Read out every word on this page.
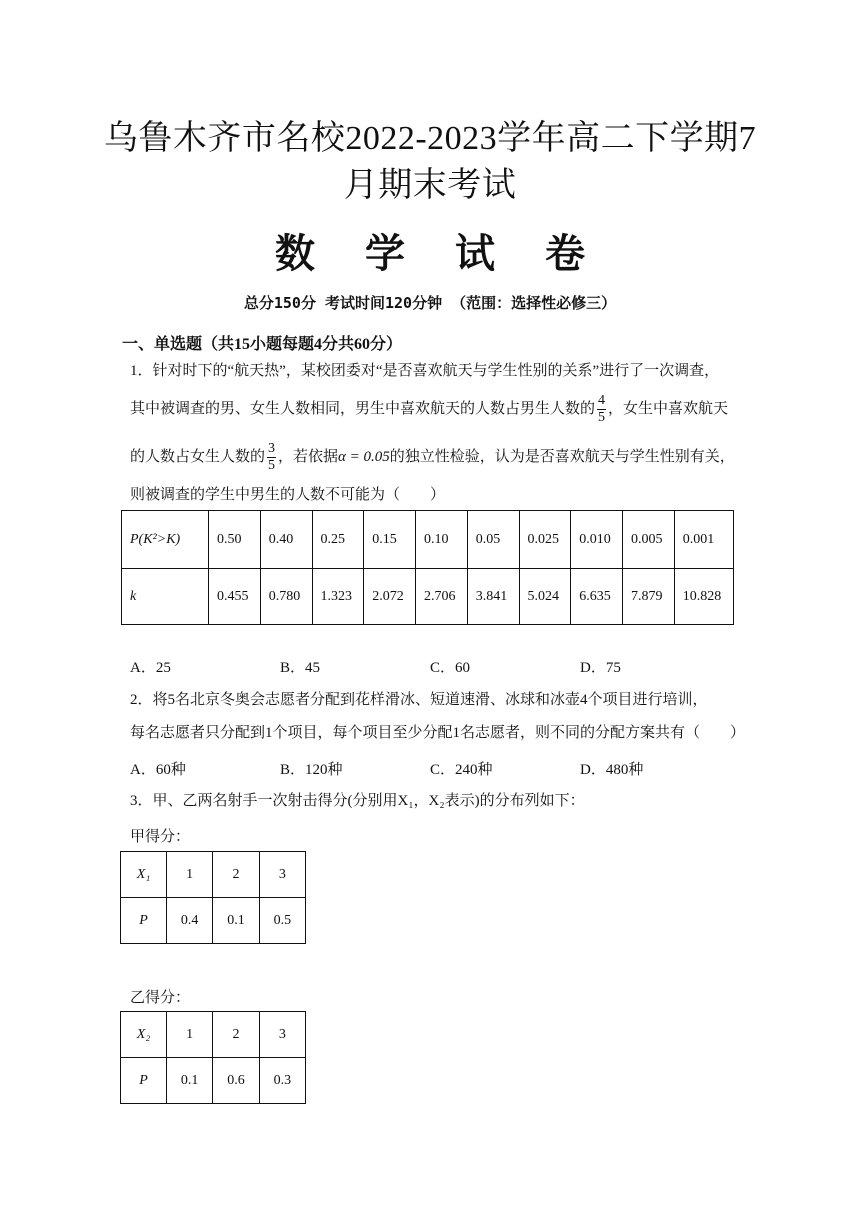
乌鲁木齐市名校2022-2023学年高二下学期7
月期末考试
数学试卷
总分150分 考试时间120分钟 （范围：选择性必修三）
一、单选题（共15小题每题4分共60分）
1．针对时下的“航天热”，某校团委对“是否喜欢航天与学生性别的关系”进行了一次调查，
其中被调查的男、女生人数相同，男生中喜欢航天的人数占男生人数的 $\frac{4}{5}$ ，女生中喜欢航天
的人数占女生人数的 $\frac{3}{5}$ ，若依据α = 0.05的独立性检验，认为是否喜欢航天与学生性别有关，
则被调查的学生中男生的人数不可能为（　　）
P(K²>K)	0.50	0.40	0.25	0.15	0.10	0.05	0.025	0.010	0.005	0.001
k	0.455	0.780	1.323	2.072	2.706	3.841	5.024	6.635	7.879	10.828
A．25	B．45	C．60	D．75
2．将5名北京冬奥会志愿者分配到花样滑冰、短道速滑、冰球和冰壶4个项目进行培训，
每名志愿者只分配到1个项目，每个项目至少分配1名志愿者，则不同的分配方案共有（　　）
A．60种	B．120种	C．240种	D．480种
3．甲、乙两名射手一次射击得分(分别用X₁，X₂表示)的分布列如下：
甲得分：
X₁	1	2	3
P	0.4	0.1	0.5
乙得分：
X₂	1	2	3
P	0.1	0.6	0.3
